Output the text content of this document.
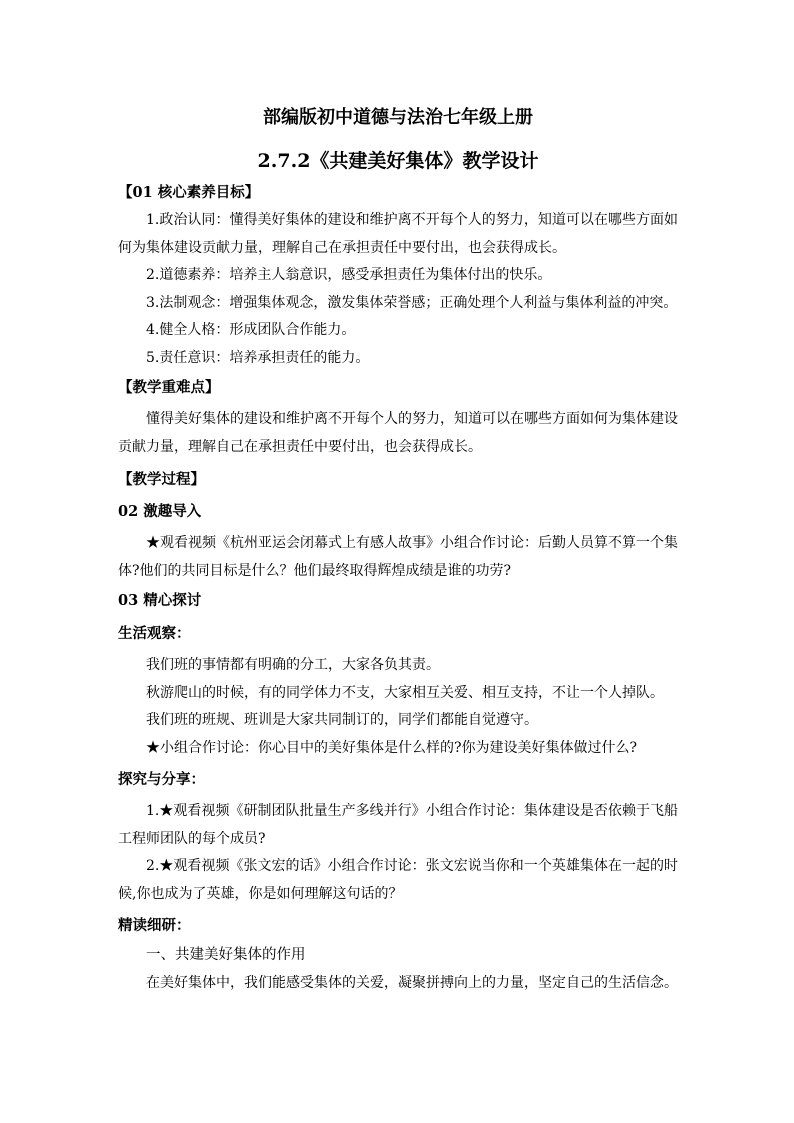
部编版初中道德与法治七年级上册

2.7.2《共建美好集体》教学设计

【01 核心素养目标】

1.政治认同：懂得美好集体的建设和维护离不开每个人的努力，知道可以在哪些方面如何为集体建设贡献力量，理解自己在承担责任中要付出，也会获得成长。

2.道德素养：培养主人翁意识，感受承担责任为集体付出的快乐。

3.法制观念：增强集体观念，激发集体荣誉感；正确处理个人利益与集体利益的冲突。

4.健全人格：形成团队合作能力。

5.责任意识：培养承担责任的能力。

【教学重难点】

懂得美好集体的建设和维护离不开每个人的努力，知道可以在哪些方面如何为集体建设贡献力量，理解自己在承担责任中要付出，也会获得成长。

【教学过程】

02 激趣导入

★观看视频《杭州亚运会闭幕式上有感人故事》小组合作讨论：后勤人员算不算一个集体?他们的共同目标是什么？他们最终取得辉煌成绩是谁的功劳?

03 精心探讨

生活观察：

我们班的事情都有明确的分工，大家各负其责。

秋游爬山的时候，有的同学体力不支，大家相互关爱、相互支持，不让一个人掉队。

我们班的班规、班训是大家共同制订的，同学们都能自觉遵守。

★小组合作讨论：你心目中的美好集体是什么样的?你为建设美好集体做过什么?

探究与分享：

1.★观看视频《研制团队批量生产多线并行》小组合作讨论：集体建设是否依赖于飞船工程师团队的每个成员?

2.★观看视频《张文宏的话》小组合作讨论：张文宏说当你和一个英雄集体在一起的时候,你也成为了英雄，你是如何理解这句话的？

精读细研：

一、共建美好集体的作用

在美好集体中，我们能感受集体的关爱，凝聚拼搏向上的力量，坚定自己的生活信念。
